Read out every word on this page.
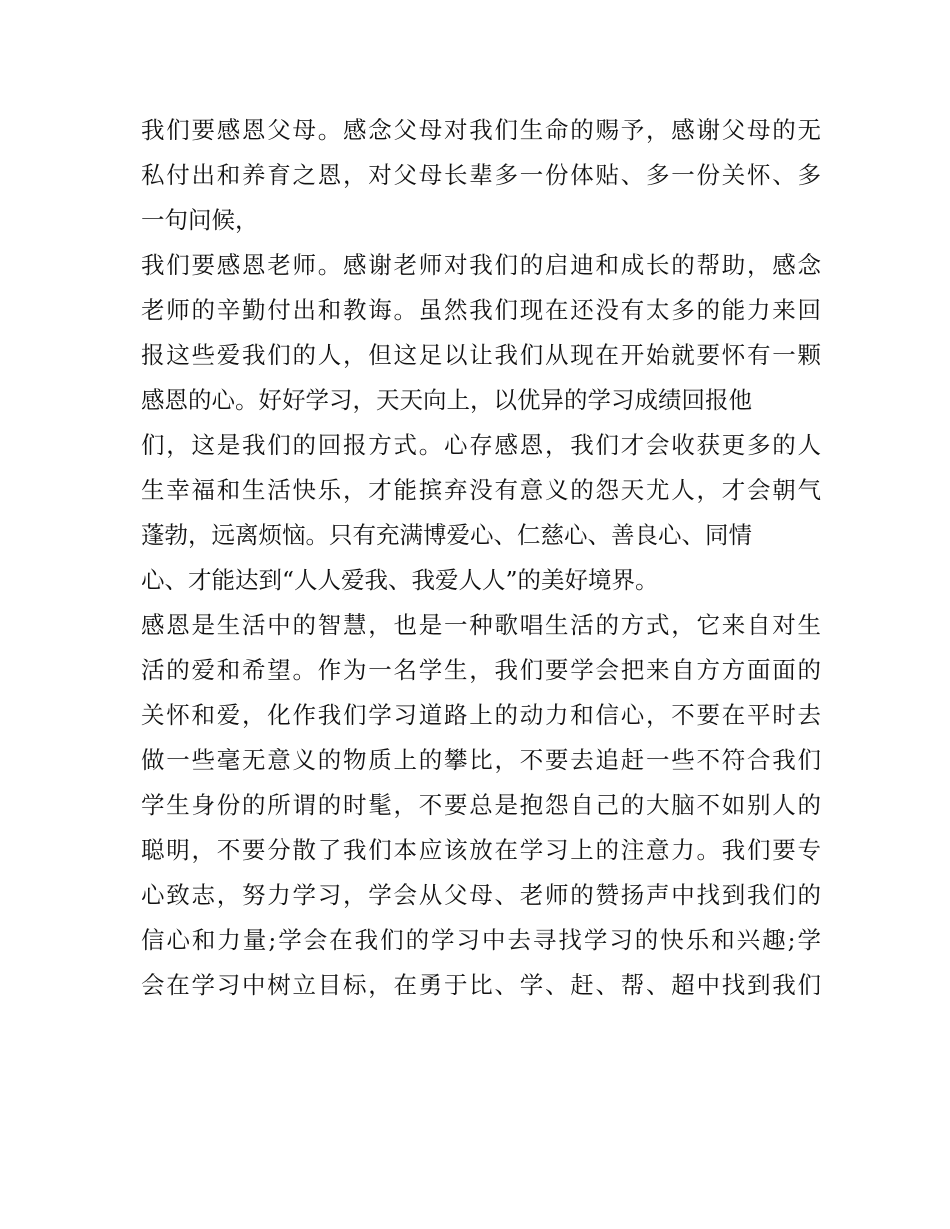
我们要感恩父母。感念父母对我们生命的赐予，感谢父母的无
私付出和养育之恩，对父母长辈多一份体贴、多一份关怀、多
一句问候，
我们要感恩老师。感谢老师对我们的启迪和成长的帮助，感念
老师的辛勤付出和教诲。虽然我们现在还没有太多的能力来回
报这些爱我们的人，但这足以让我们从现在开始就要怀有一颗
感恩的心。好好学习，天天向上，以优异的学习成绩回报他
们，这是我们的回报方式。心存感恩，我们才会收获更多的人
生幸福和生活快乐，才能摈弃没有意义的怨天尤人，才会朝气
蓬勃，远离烦恼。只有充满博爱心、仁慈心、善良心、同情
心、才能达到“人人爱我、我爱人人”的美好境界。
感恩是生活中的智慧，也是一种歌唱生活的方式，它来自对生
活的爱和希望。作为一名学生，我们要学会把来自方方面面的
关怀和爱，化作我们学习道路上的动力和信心，不要在平时去
做一些毫无意义的物质上的攀比，不要去追赶一些不符合我们
学生身份的所谓的时髦，不要总是抱怨自己的大脑不如别人的
聪明，不要分散了我们本应该放在学习上的注意力。我们要专
心致志，努力学习，学会从父母、老师的赞扬声中找到我们的
信心和力量;学会在我们的学习中去寻找学习的快乐和兴趣;学
会在学习中树立目标，在勇于比、学、赶、帮、超中找到我们
